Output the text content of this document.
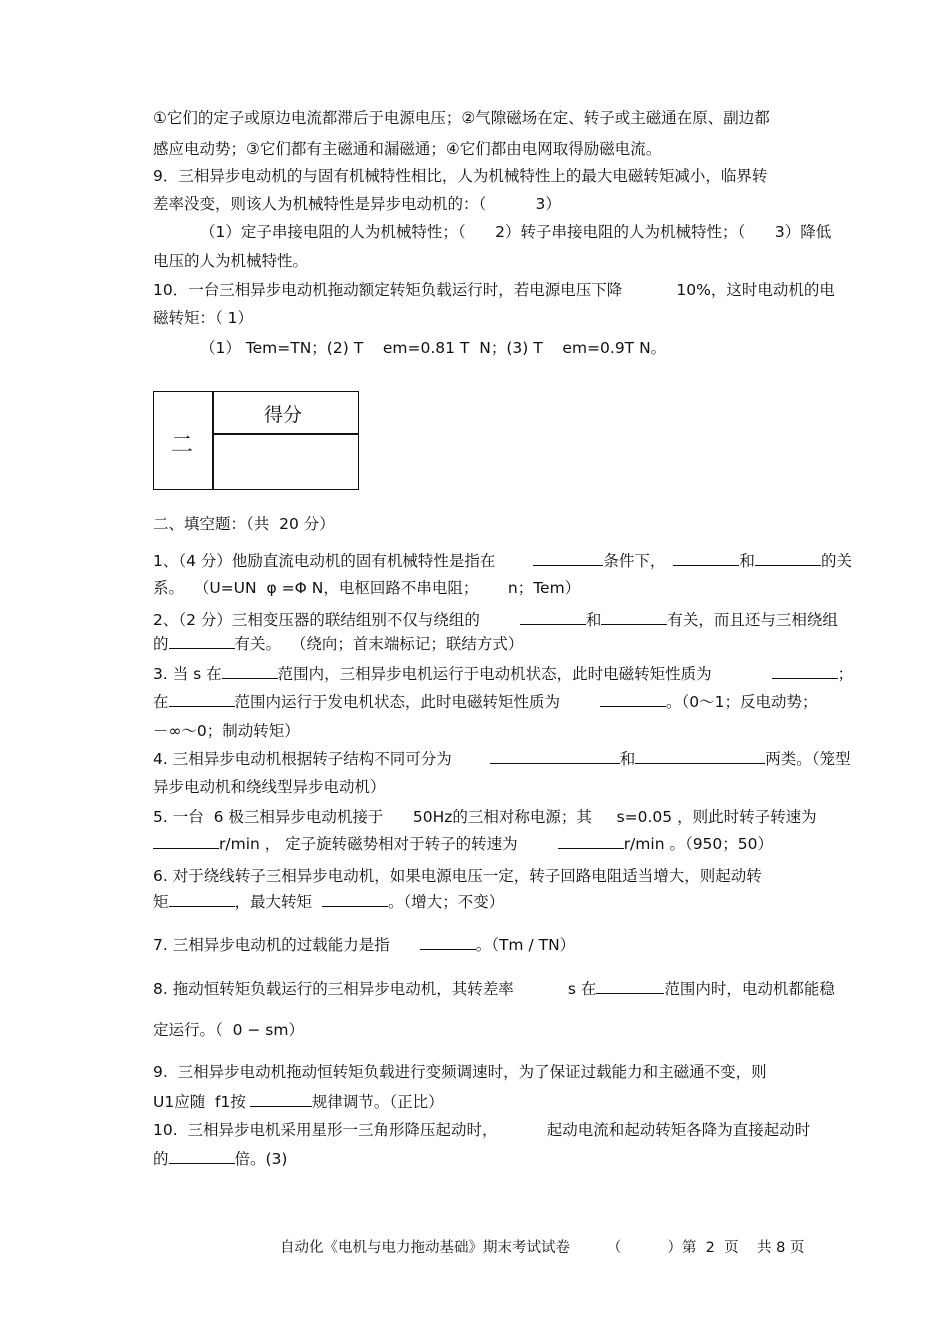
①它们的定子或原边电流都滞后于电源电压；②气隙磁场在定、转子或主磁通在原、副边都
感应电动势；③它们都有主磁通和漏磁通；④它们都由电网取得励磁电流。
9．三相异步电动机的与固有机械特性相比，人为机械特性上的最大电磁转矩减小，临界转
差率没变，则该人为机械特性是异步电动机的：（          3）
（1）定子串接电阻的人为机械特性；（      2）转子串接电阻的人为机械特性；（      3）降低
电压的人为机械特性。
10．一台三相异步电动机拖动额定转矩负载运行时，若电源电压下降           10%，这时电动机的电
磁转矩：（ 1）
（1） Tem=TN；(2) T    em=0.81 T  N；(3) T    em=0.9T N。
二
得分
二、填空题：（共  20 分）
1、（4 分）他励直流电动机的固有机械特性是指在	条件下，	和	的关
系。  （U=UN  φ =Φ N，电枢回路不串电阻；      n；Tem）
2、（2 分）三相变压器的联结组别不仅与绕组的	和	有关，而且还与三相绕组
的	有关。  （绕向；首末端标记；联结方式）
3. 当 s 在	范围内，三相异步电机运行于电动机状态，此时电磁转矩性质为	；
在	范围内运行于发电机状态，此时电磁转矩性质为	。（0～1；反电动势；
－∞～0；制动转矩）
4. 三相异步电动机根据转子结构不同可分为	和	两类。（笼型
异步电动机和绕线型异步电动机）
5. 一台  6 极三相异步电动机接于      50Hz的三相对称电源；其     s=0.05 ，则此时转子转速为
r/min ， 定子旋转磁势相对于转子的转速为	r/min 。（950；50）
6. 对于绕线转子三相异步电动机，如果电源电压一定，转子回路电阻适当增大，则起动转
矩	，最大转矩	。（增大；不变）
7. 三相异步电动机的过载能力是指	。（Tm / TN）
8. 拖动恒转矩负载运行的三相异步电动机，其转差率           s 在	范围内时，电动机都能稳
定运行。（  0 − sm）
9.  三相异步电动机拖动恒转矩负载进行变频调速时，为了保证过载能力和主磁通不变，则
U1应随  f1按	规律调节。（正比）
10.  三相异步电机采用星形一三角形降压起动时，          起动电流和起动转矩各降为直接起动时
的	倍。(3)
自动化《电机与电力拖动基础》期末考试试卷        （          ）第  2  页    共 8 页
